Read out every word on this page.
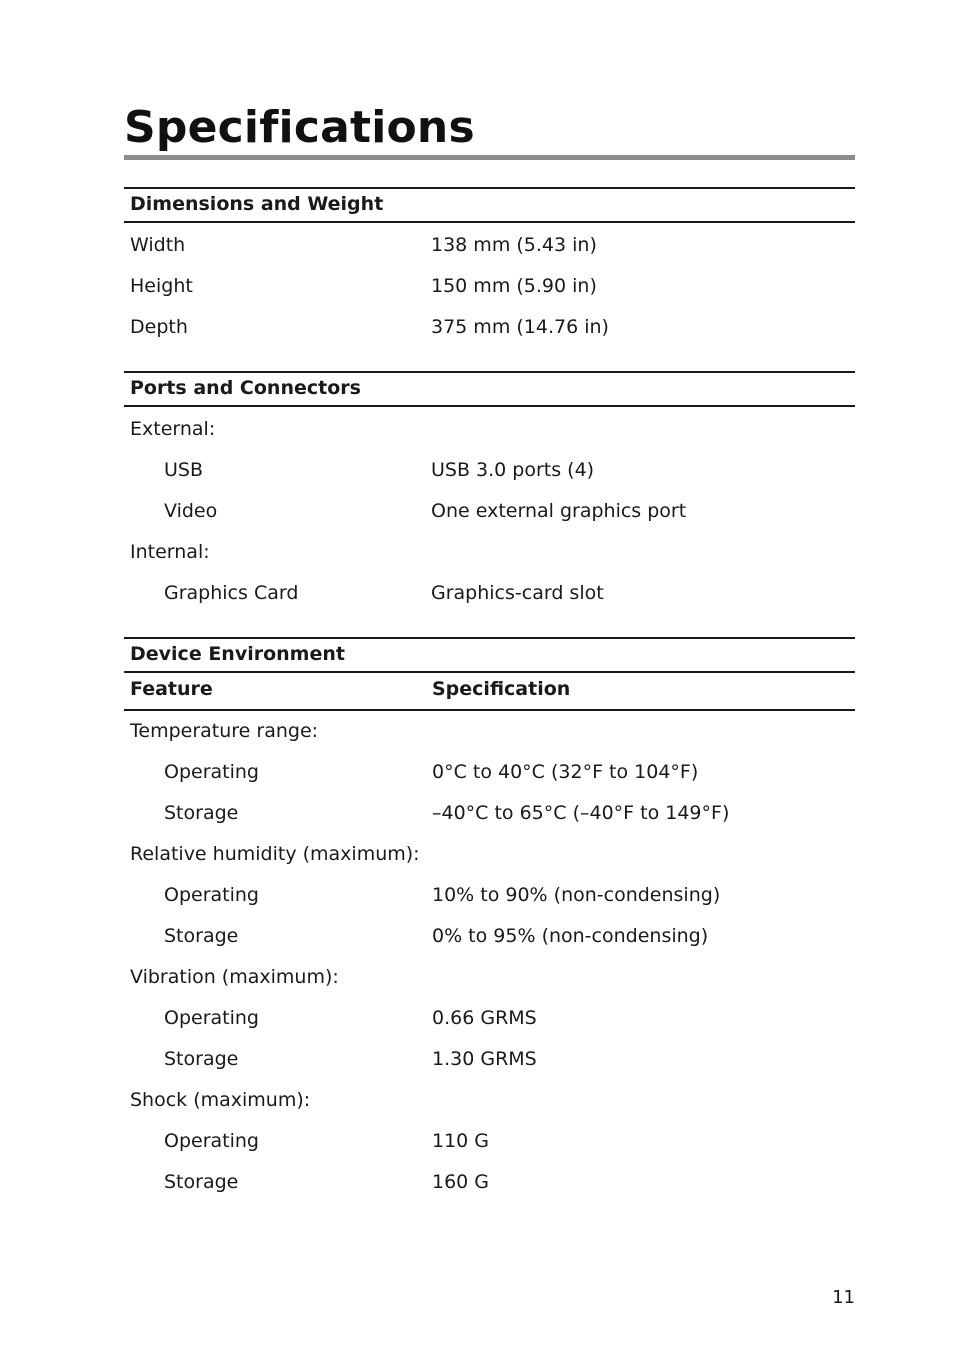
Specifications
Dimensions and Weight
Width	138 mm (5.43 in)
Height	150 mm (5.90 in)
Depth	375 mm (14.76 in)
Ports and Connectors
External:
USB	USB 3.0 ports (4)
Video	One external graphics port
Internal:
Graphics Card	Graphics-card slot
Device Environment
Feature	Specification
Temperature range:
Operating	0°C to 40°C (32°F to 104°F)
Storage	–40°C to 65°C (–40°F to 149°F)
Relative humidity (maximum):
Operating	10% to 90% (non-condensing)
Storage	0% to 95% (non-condensing)
Vibration (maximum):
Operating	0.66 GRMS
Storage	1.30 GRMS
Shock (maximum):
Operating	110 G
Storage	160 G
11
